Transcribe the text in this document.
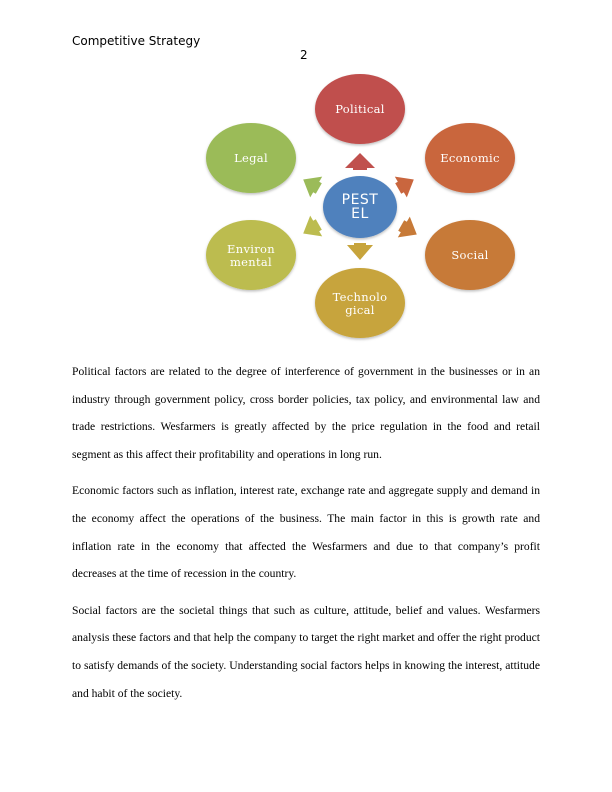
Competitive Strategy
2
PEST
EL
Political
Economic
Social
Technolo
gical
Environ
mental
Legal

Political factors are related to the degree of interference of government in the businesses or in an industry through government policy, cross border policies, tax policy, and environmental law and trade restrictions. Wesfarmers is greatly affected by the price regulation in the food and retail segment as this affect their profitability and operations in long run.

Economic factors such as inflation, interest rate, exchange rate and aggregate supply and demand in the economy affect the operations of the business. The main factor in this is growth rate and inflation rate in the economy that affected the Wesfarmers and due to that company’s profit decreases at the time of recession in the country.

Social factors are the societal things that such as culture, attitude, belief and values. Wesfarmers analysis these factors and that help the company to target the right market and offer the right product to satisfy demands of the society. Understanding social factors helps in knowing the interest, attitude and habit of the society.
